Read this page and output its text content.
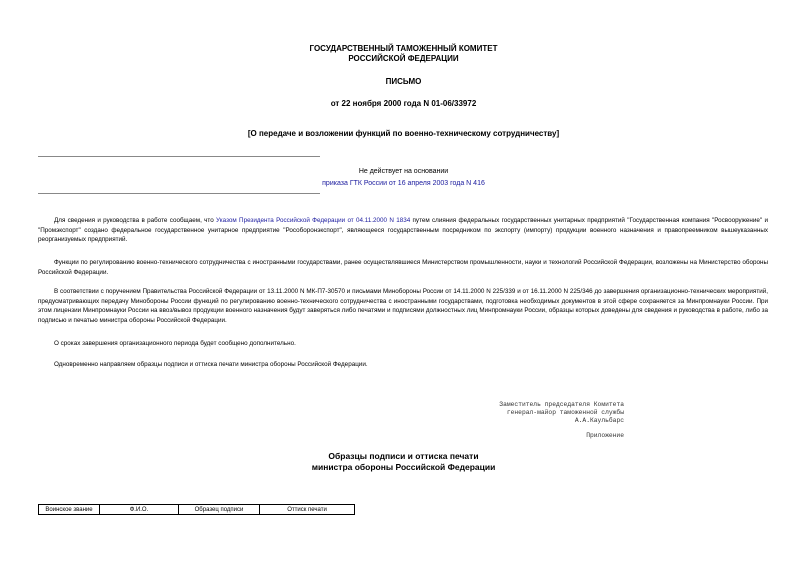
ГОСУДАРСТВЕННЫЙ ТАМОЖЕННЫЙ КОМИТЕТ
РОССИЙСКОЙ ФЕДЕРАЦИИ
ПИСЬМО
от 22 ноября 2000 года N 01-06/33972
[О передаче и возложении функций по военно-техническому сотрудничеству]
Не действует на основании
приказа ГТК России от 16 апреля 2003 года N 416
Для сведения и руководства в работе сообщаем, что Указом Президента Российской Федерации от 04.11.2000 N 1834 путем слияния федеральных государственных унитарных предприятий "Государственная компания "Росвооружение" и "Промэкспорт" создано федеральное государственное унитарное предприятие "Рособоронэкспорт", являющееся государственным посредником по экспорту (импорту) продукции военного назначения и правопреемником вышеуказанных реорганизуемых предприятий.
Функции по регулированию военно-технического сотрудничества с иностранными государствами, ранее осуществлявшиеся Министерством промышленности, науки и технологий Российской Федерации, возложены на Министерство обороны Российской Федерации.
В соответствии с поручением Правительства Российской Федерации от 13.11.2000 N МК-П7-30570 и письмами Минобороны России от 14.11.2000 N 225/339 и от 16.11.2000 N 225/346 до завершения организационно-технических мероприятий, предусматривающих передачу Минобороны России функций по регулированию военно-технического сотрудничества с иностранными государствами, подготовка необходимых документов в этой сфере сохраняется за Минпромнауки России. При этом лицензии Минпромнауки России на ввоз/вывоз продукции военного назначения будут заверяться либо печатями и подписями должностных лиц Минпромнауки России, образцы которых доведены для сведения и руководства в работе, либо за подписью и печатью министра обороны Российской Федерации.
О сроках завершения организационного периода будет сообщено дополнительно.
Одновременно направляем образцы подписи и оттиска печати министра обороны Российской Федерации.
Заместитель председателя Комитета
генерал-майор таможенной службы
А.А.Каульбарс
Приложение
Образцы подписи и оттиска печати
министра обороны Российской Федерации
Воинское звание	Ф.И.О.	Образец подписи	Оттиск печати
